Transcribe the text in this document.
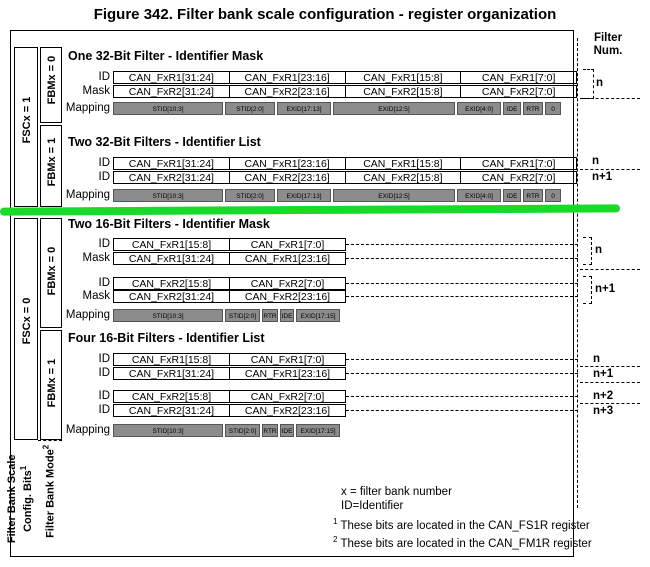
Figure 342. Filter bank scale configuration - register organization
Filter
Num.
FSCx = 1
FSCx = 0
FBMx = 0
FBMx = 1
FBMx = 0
FBMx = 1
Filter Bank Scale Config. Bits$^1$	Filter Bank Mode$^2$
One 32-Bit Filter - Identifier Mask
ID	CAN_FxR1[31:24]	CAN_FxR1[23:16]	CAN_FxR1[15:8]	CAN_FxR1[7:0]
Mask	CAN_FxR2[31:24]	CAN_FxR2[23:16]	CAN_FxR2[15:8]	CAN_FxR2[7:0]
Mapping	STID[10:3]	STID[2:0]	EXID[17:13]	EXID[12:5]	EXID[4:0]	IDE	RTR	0
n
Two 32-Bit Filters - Identifier List
ID	CAN_FxR1[31:24]	CAN_FxR1[23:16]	CAN_FxR1[15:8]	CAN_FxR1[7:0]
ID	CAN_FxR2[31:24]	CAN_FxR2[23:16]	CAN_FxR2[15:8]	CAN_FxR2[7:0]
Mapping	STID[10:3]	STID[2:0]	EXID[17:13]	EXID[12:5]	EXID[4:0]	IDE	RTR	0
n
n+1
Two 16-Bit Filters - Identifier Mask
ID	CAN_FxR1[15:8]	CAN_FxR1[7:0]
Mask	CAN_FxR1[31:24]	CAN_FxR1[23:16]
ID	CAN_FxR2[15:8]	CAN_FxR2[7:0]
Mask	CAN_FxR2[31:24]	CAN_FxR2[23:16]
Mapping	STID[10:3]	STID[2:0]	RTR IDE	EXID[17:15]
n
n+1
Four 16-Bit Filters - Identifier List
ID	CAN_FxR1[15:8]	CAN_FxR1[7:0]
ID	CAN_FxR1[31:24]	CAN_FxR1[23:16]
ID	CAN_FxR2[15:8]	CAN_FxR2[7:0]
ID	CAN_FxR2[31:24]	CAN_FxR2[23:16]
Mapping	STID[10:3]	STID[2:0]	RTR IDE	EXID[17:15]
n
n+1
n+2
n+3
x = filter bank number
ID=Identifier
$^1$ These bits are located in the CAN_FS1R register
$^2$ These bits are located in the CAN_FM1R register
